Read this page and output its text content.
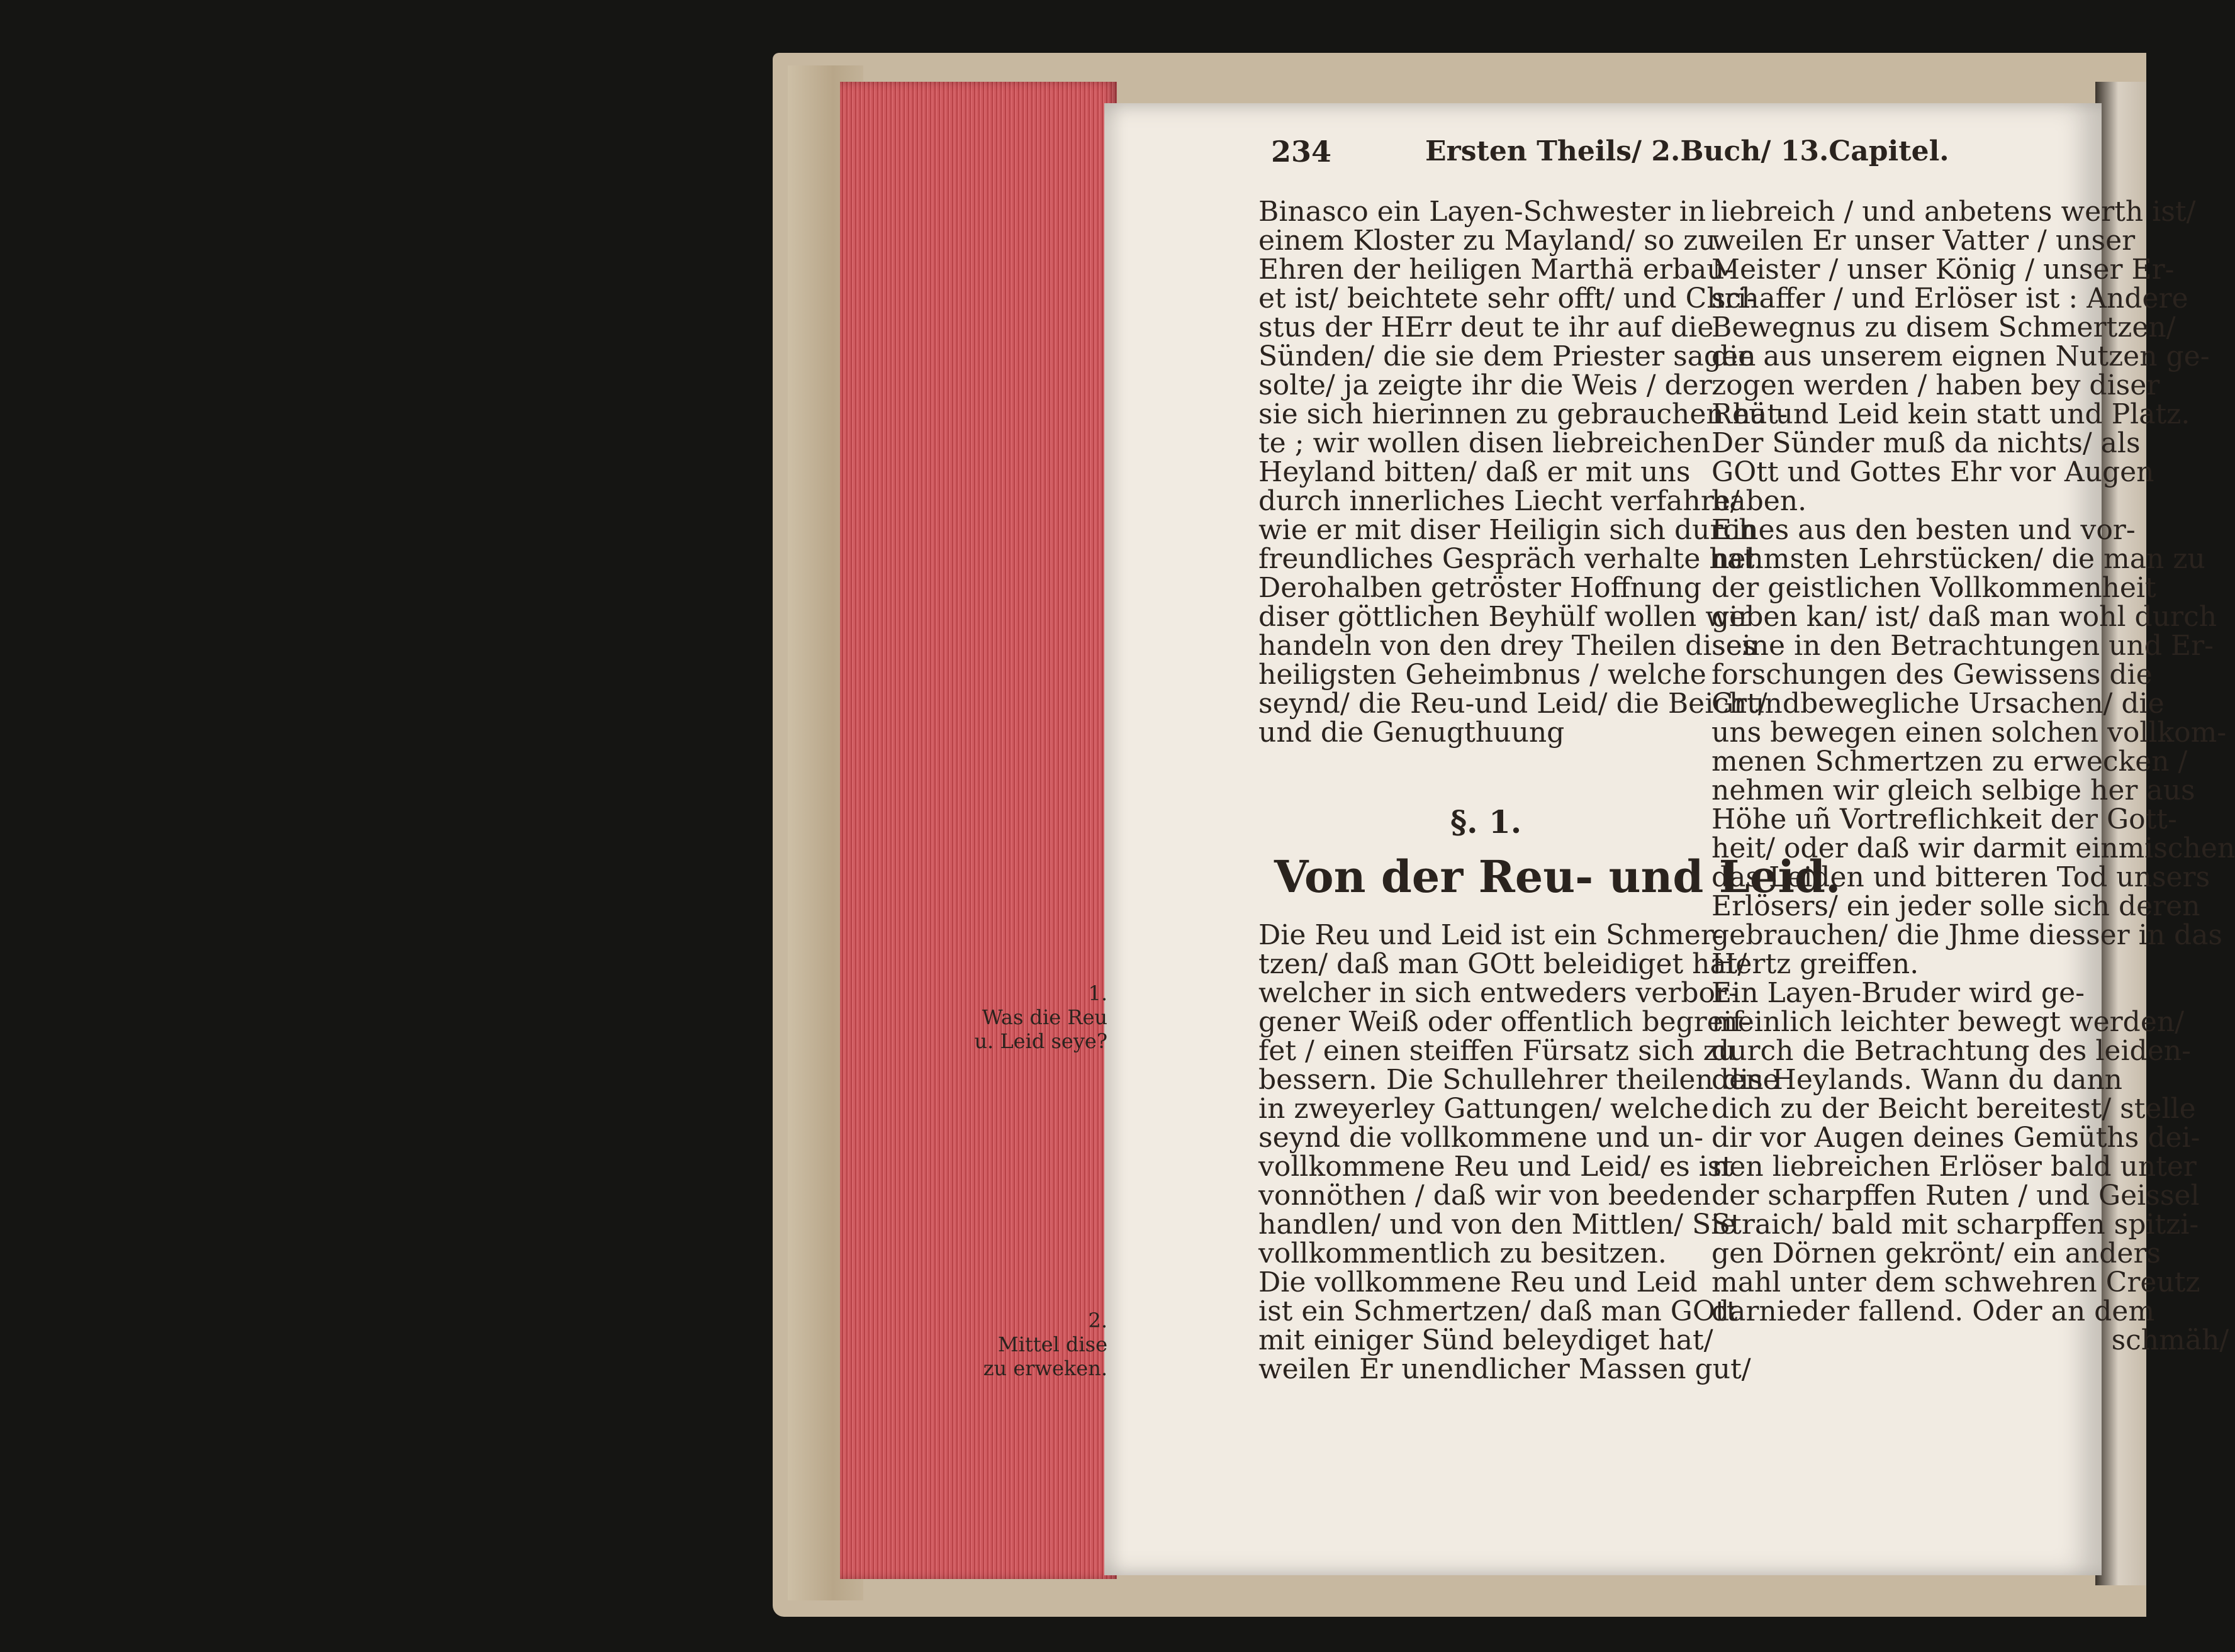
234	Ersten Theils/ 2.Buch/ 13.Capitel.
Binasco ein Layen-Schwester in
einem Kloster zu Mayland/ so zu
Ehren der heiligen Marthä erbau-
et ist/ beichtete sehr offt/ und Chri-
stus der HErr deut te ihr auf die
Sünden/ die sie dem Priester sagen
solte/ ja zeigte ihr die Weis / der
sie sich hierinnen zu gebrauchen hät-
te ; wir wollen disen liebreichen
Heyland bitten/ daß er mit uns
durch innerliches Liecht verfahre/
wie er mit diser Heiligin sich durch
freundliches Gespräch verhalte hat.
Derohalben getröster Hoffnung
diser göttlichen Beyhülf wollen wir
handeln von den drey Theilen dises
heiligsten Geheimbnus / welche
seynd/ die Reu-und Leid/ die Beicht/
und die Genugthuung
§. 1.
Von der Reu- und Leid.
Die Reu und Leid ist ein Schmer-
tzen/ daß man GOtt beleidiget hat/
welcher in sich entweders verbor-
gener Weiß oder offentlich begreif-
fet / einen steiffen Fürsatz sich zu
bessern. Die Schullehrer theilen dise
in zweyerley Gattungen/ welche
seynd die vollkommene und un-
vollkommene Reu und Leid/ es ist
vonnöthen / daß wir von beeden
handlen/ und von den Mittlen/ Sie
vollkommentlich zu besitzen.
Die vollkommene Reu und Leid
ist ein Schmertzen/ daß man GOtt
mit einiger Sünd beleydiget hat/
weilen Er unendlicher Massen gut/
liebreich / und anbetens werth ist/
weilen Er unser Vatter / unser
Meister / unser König / unser Er-
schaffer / und Erlöser ist : Andere
Bewegnus zu disem Schmertzen/
die aus unserem eignen Nutzen ge-
zogen werden / haben bey diser
Reu und Leid kein statt und Platz.
Der Sünder muß da nichts/ als
GOtt und Gottes Ehr vor Augen
haben.
Eines aus den besten und vor-
nehmsten Lehrstücken/ die man zu
der geistlichen Vollkommenheit
geben kan/ ist/ daß man wohl durch
seine in den Betrachtungen und Er-
forschungen des Gewissens die
Grundbewegliche Ursachen/ die
uns bewegen einen solchen vollkom-
menen Schmertzen zu erwecken /
nehmen wir gleich selbige her aus
Höhe uñ Vortreflichkeit der Gott-
heit/ oder daß wir darmit einmischen
das Leiden und bitteren Tod unsers
Erlösers/ ein jeder solle sich deren
gebrauchen/ die Jhme diesser in das
Hertz greiffen.
Ein Layen-Bruder wird ge-
meinlich leichter bewegt werden/
durch die Betrachtung des leiden-
den Heylands. Wann du dann
dich zu der Beicht bereitest/ stelle
dir vor Augen deines Gemüths dei-
nen liebreichen Erlöser bald unter
der scharpffen Ruten / und Geissel
Straich/ bald mit scharpffen spitzi-
gen Dörnen gekrönt/ ein anders
mahl unter dem schwehren Creutz
darnieder fallend. Oder an dem
schmäh/
1.
Was die Reu u. Leid seye?
2.
Mittel dise zu erweken.
